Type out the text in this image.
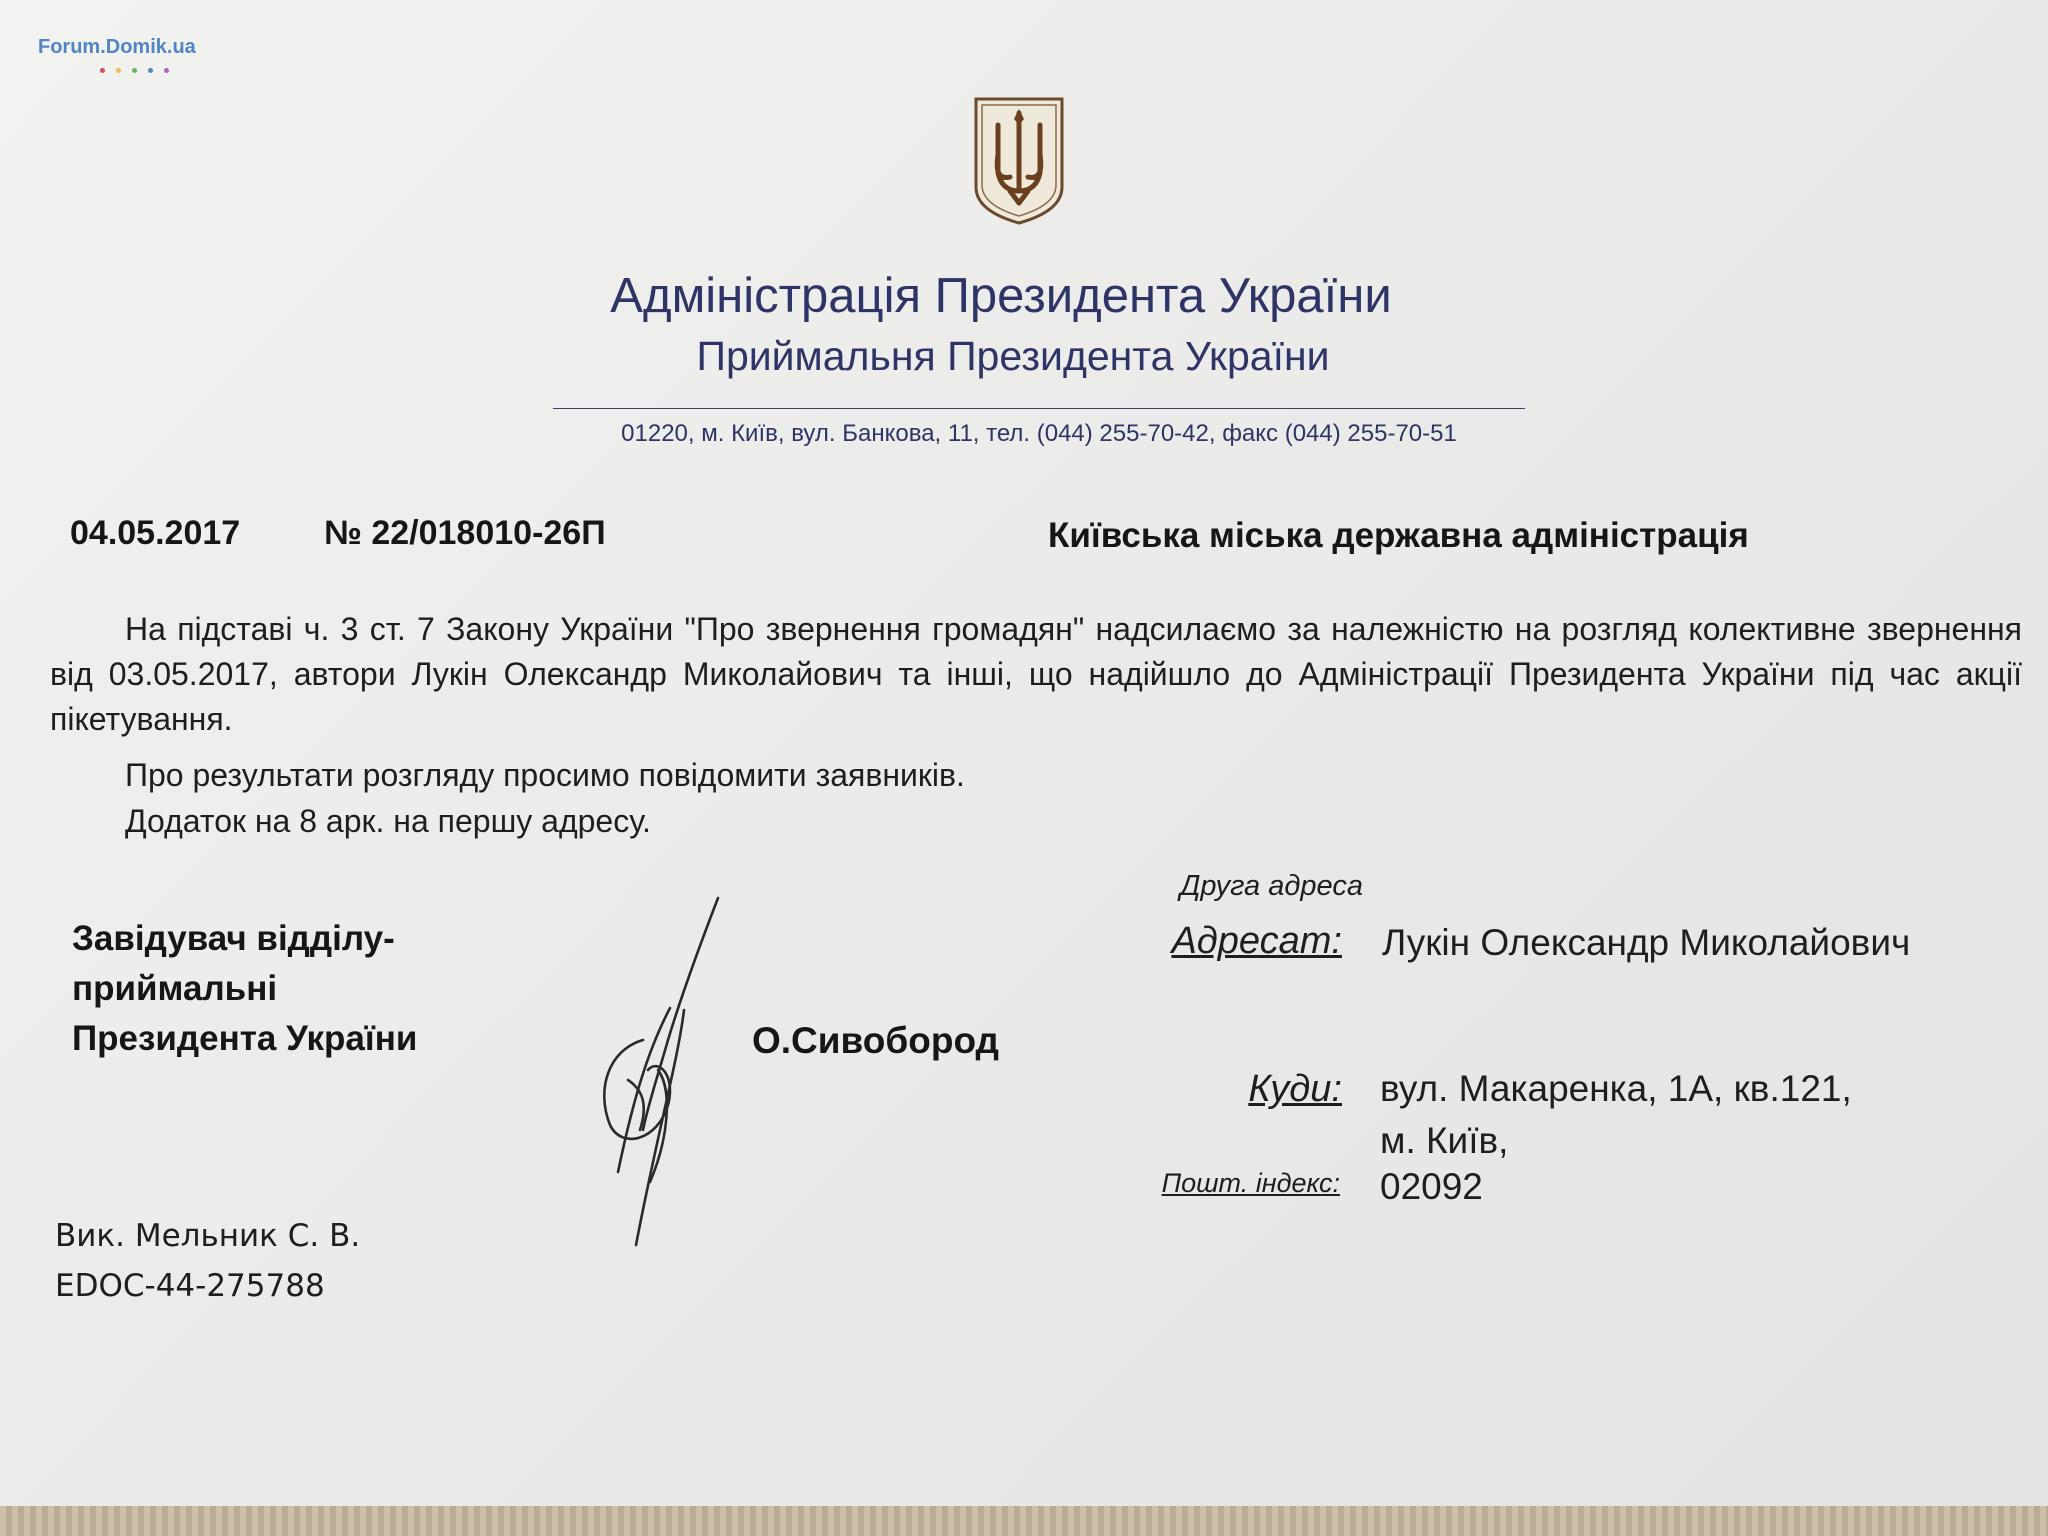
Forum.Domik.ua
Адміністрація Президента України
Приймальня Президента України
01220, м. Київ, вул. Банкова, 11, тел. (044) 255-70-42, факс (044) 255-70-51
04.05.2017 № 22/018010-26П	Київська міська державна адміністрація
На підставі ч. 3 ст. 7 Закону України "Про звернення громадян" надсилаємо за належністю на розгляд колективне звернення від 03.05.2017, автори Лукін Олександр Миколайович та інші, що надійшло до Адміністрації Президента України під час акції пікетування.
Про результати розгляду просимо повідомити заявників.
Додаток на 8 арк. на першу адресу.
Завідувач відділу-
приймальні
Президента України	О.Сивобород
Друга адреса
Адресат: Лукін Олександр Миколайович
Куди: вул. Макаренка, 1А, кв.121,
м. Київ,
Пошт. індекс: 02092
Вик. Мельник С. В.
EDOC-44-275788
